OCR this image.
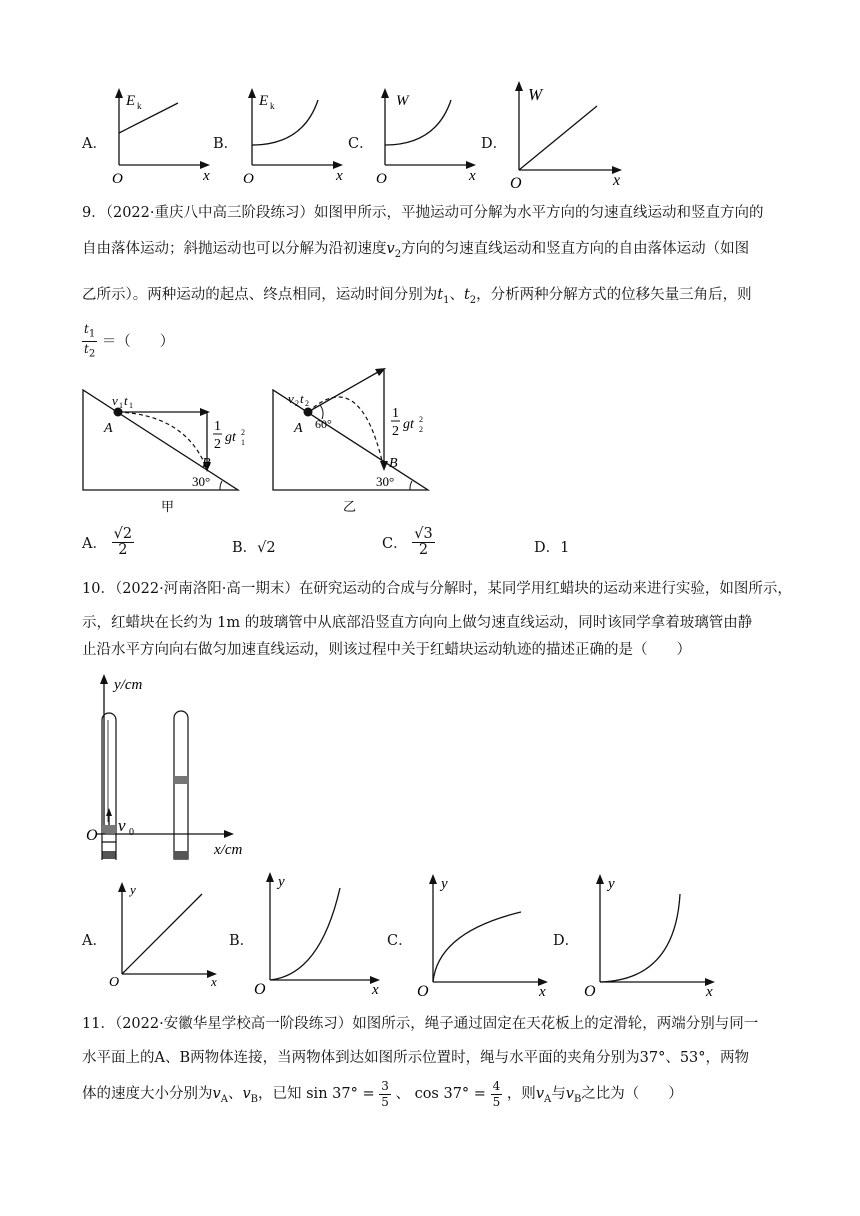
A．
E k
O	x
B．
E k
O	x
C．
W
O	x
D．
W
O	x
9．（2022·重庆八中高三阶段练习）如图甲所示，平抛运动可分解为水平方向的匀速直线运动和竖直方向的
自由落体运动；斜抛运动也可以分解为沿初速度$v_2$方向的匀速直线运动和竖直方向的自由落体运动（如图
乙所示）。两种运动的起点、终点相同，运动时间分别为$t_1$、$t_2$，分析两种分解方式的位移矢量三角后，则
$\frac{t_1}{t_2}$ ＝（　　）
v 1 t 1
A
B
1
2 gt 2
1
30°
甲
v 2 t 2
A 60°
B
1
2 gt 2
2
30°
乙
A． $\frac{√2}{2}$	B．√2	C． $\frac{√3}{2}$	D．1
10．（2022·河南洛阳·高一期末）在研究运动的合成与分解时，某同学用红蜡块的运动来进行实验，如图所示，
示，红蜡块在长约为 1m 的玻璃管中从底部沿竖直方向向上做匀速直线运动，同时该同学拿着玻璃管由静
止沿水平方向向右做匀加速直线运动，则该过程中关于红蜡块运动轨迹的描述正确的是（　　）
y/cm
x/cm
O
v 0
A．
y
O	x
B．
y
O	x
C．
y
O	x
D．
y
O	x
11．（2022·安徽华星学校高一阶段练习）如图所示，绳子通过固定在天花板上的定滑轮，两端分别与同一
水平面上的A、B两物体连接，当两物体到达如图所示位置时，绳与水平面的夹角分别为37°、53°，两物
体的速度大小分别为$v_A$、$v_B$，已知 $\sin 37^\circ = \frac{3}{5}$ 、 $\cos 37^\circ = \frac{4}{5}$ ，则$v_A$与$v_B$之比为（　　）
